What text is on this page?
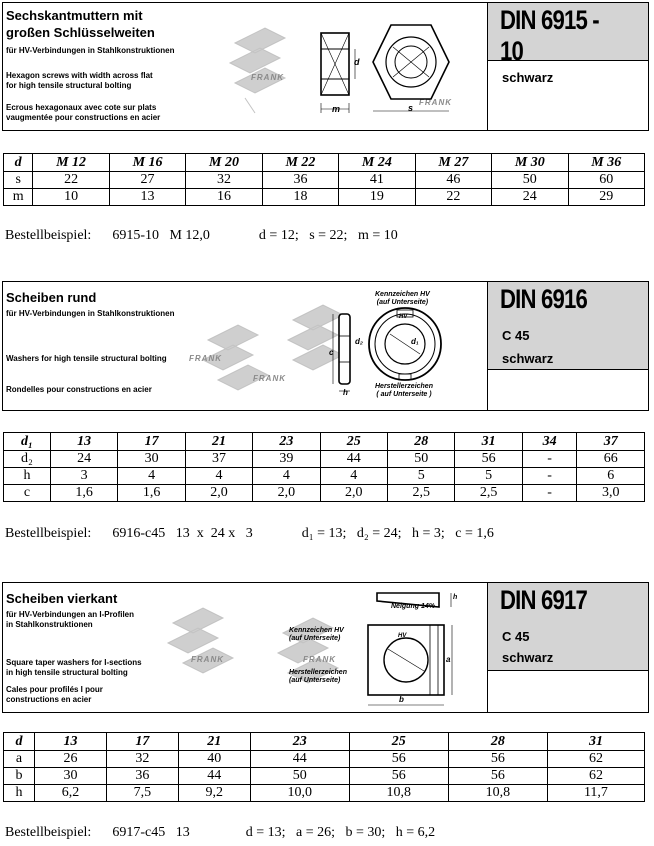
Sechskantmuttern mit
großen Schlüsselweiten
für HV-Verbindungen in Stahlkonstruktionen
Hexagon screws with width across flat
for high tensile structural bolting
Ecrous hexagonaux avec cote sur plats
vaugmentée pour constructions en acier
FRANK
FRANK
d
m	s
DIN 6915 - 10
schwarz
d	M 12	M 16	M 20	M 22	M 24	M 27	M 30	M 36
s	22	27	32	36	41	46	50	60
m	10	13	16	18	19	22	24	29
Bestellbeispiel:      6915-10   M 12,0              d = 12;   s = 22;   m = 10
Scheiben rund
für HV-Verbindungen in Stahlkonstruktionen
Washers for high tensile structural bolting
Rondelles pour constructions en acier
FRANK
FRANK
d₂
c
h
HV
d₁
Kennzeichen HV
(auf Unterseite)
Herstellerzeichen
( auf Unterseite )
DIN 6916
C 45
schwarz
d₁	13	17	21	23	25	28	31	34	37
d₂	24	30	37	39	44	50	56	-	66
h	3	4	4	4	4	5	5	-	6
c	1,6	1,6	2,0	2,0	2,0	2,5	2,5	-	3,0
Bestellbeispiel:      6916-c45   13  x  24 x   3              d₁ = 13;   d₂ = 24;   h = 3;   c = 1,6
Scheiben vierkant
für HV-Verbindungen an I-Profilen
in Stahlkonstruktionen
Square taper washers for I-sections
in high tensile structural bolting
Cales pour profilés I pour
constructions en acier
FRANK	FRANK
Neigung 14%
h
HV
b
a
Kennzeichen HV
(auf Unterseite)
Herstellerzeichen
(auf Unterseite)
DIN 6917
C 45
schwarz
d	13	17	21	23	25	28	31
a	26	32	40	44	56	56	62
b	30	36	44	50	56	56	62
h	6,2	7,5	9,2	10,0	10,8	10,8	11,7
Bestellbeispiel:      6917-c45   13                d = 13;   a = 26;   b = 30;   h = 6,2
